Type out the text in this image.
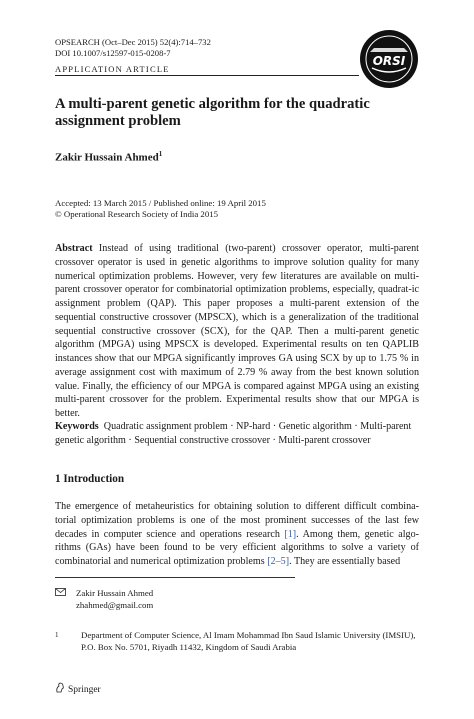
OPSEARCH (Oct–Dec 2015) 52(4):714–732
DOI 10.1007/s12597-015-0208-7
APPLICATION ARTICLE
ORSI
A multi-parent genetic algorithm for the quadratic
assignment problem
Zakir Hussain Ahmed$^1$
Accepted: 13 March 2015 / Published online: 19 April 2015
© Operational Research Society of India 2015
Abstract Instead of using traditional (two-parent) crossover operator, multi-parent crossover operator is used in genetic algorithms to improve solution quality for many numerical optimization problems. However, very few literatures are available on multi-parent crossover operator for combinatorial optimization problems, especially, quadrat-ic assignment problem (QAP). This paper proposes a multi-parent extension of the sequential constructive crossover (MPSCX), which is a generalization of the traditional sequential constructive crossover (SCX), for the QAP. Then a multi-parent genetic algorithm (MPGA) using MPSCX is developed. Experimental results on ten QAPLIB instances show that our MPGA significantly improves GA using SCX by up to 1.75 % in average assignment cost with maximum of 2.79 % away from the best known solution value. Finally, the efficiency of our MPGA is compared against MPGA using an existing multi-parent crossover for the problem. Experimental results show that our MPGA is better.
Keywords Quadratic assignment problem · NP-hard · Genetic algorithm · Multi-parent
genetic algorithm · Sequential constructive crossover · Multi-parent crossover
1 Introduction
The emergence of metaheuristics for obtaining solution to different difficult combina- torial optimization problems is one of the most prominent successes of the last few decades in computer science and operations research [1]. Among them, genetic algo- rithms (GAs) have been found to be very efficient algorithms to solve a variety of combinatorial and numerical optimization problems [2–5]. They are essentially based
Zakir Hussain Ahmed
zhahmed@gmail.com
1	Department of Computer Science, Al Imam Mohammad Ibn Saud Islamic University (IMSIU),
P.O. Box No. 5701, Riyadh 11432, Kingdom of Saudi Arabia
Springer
